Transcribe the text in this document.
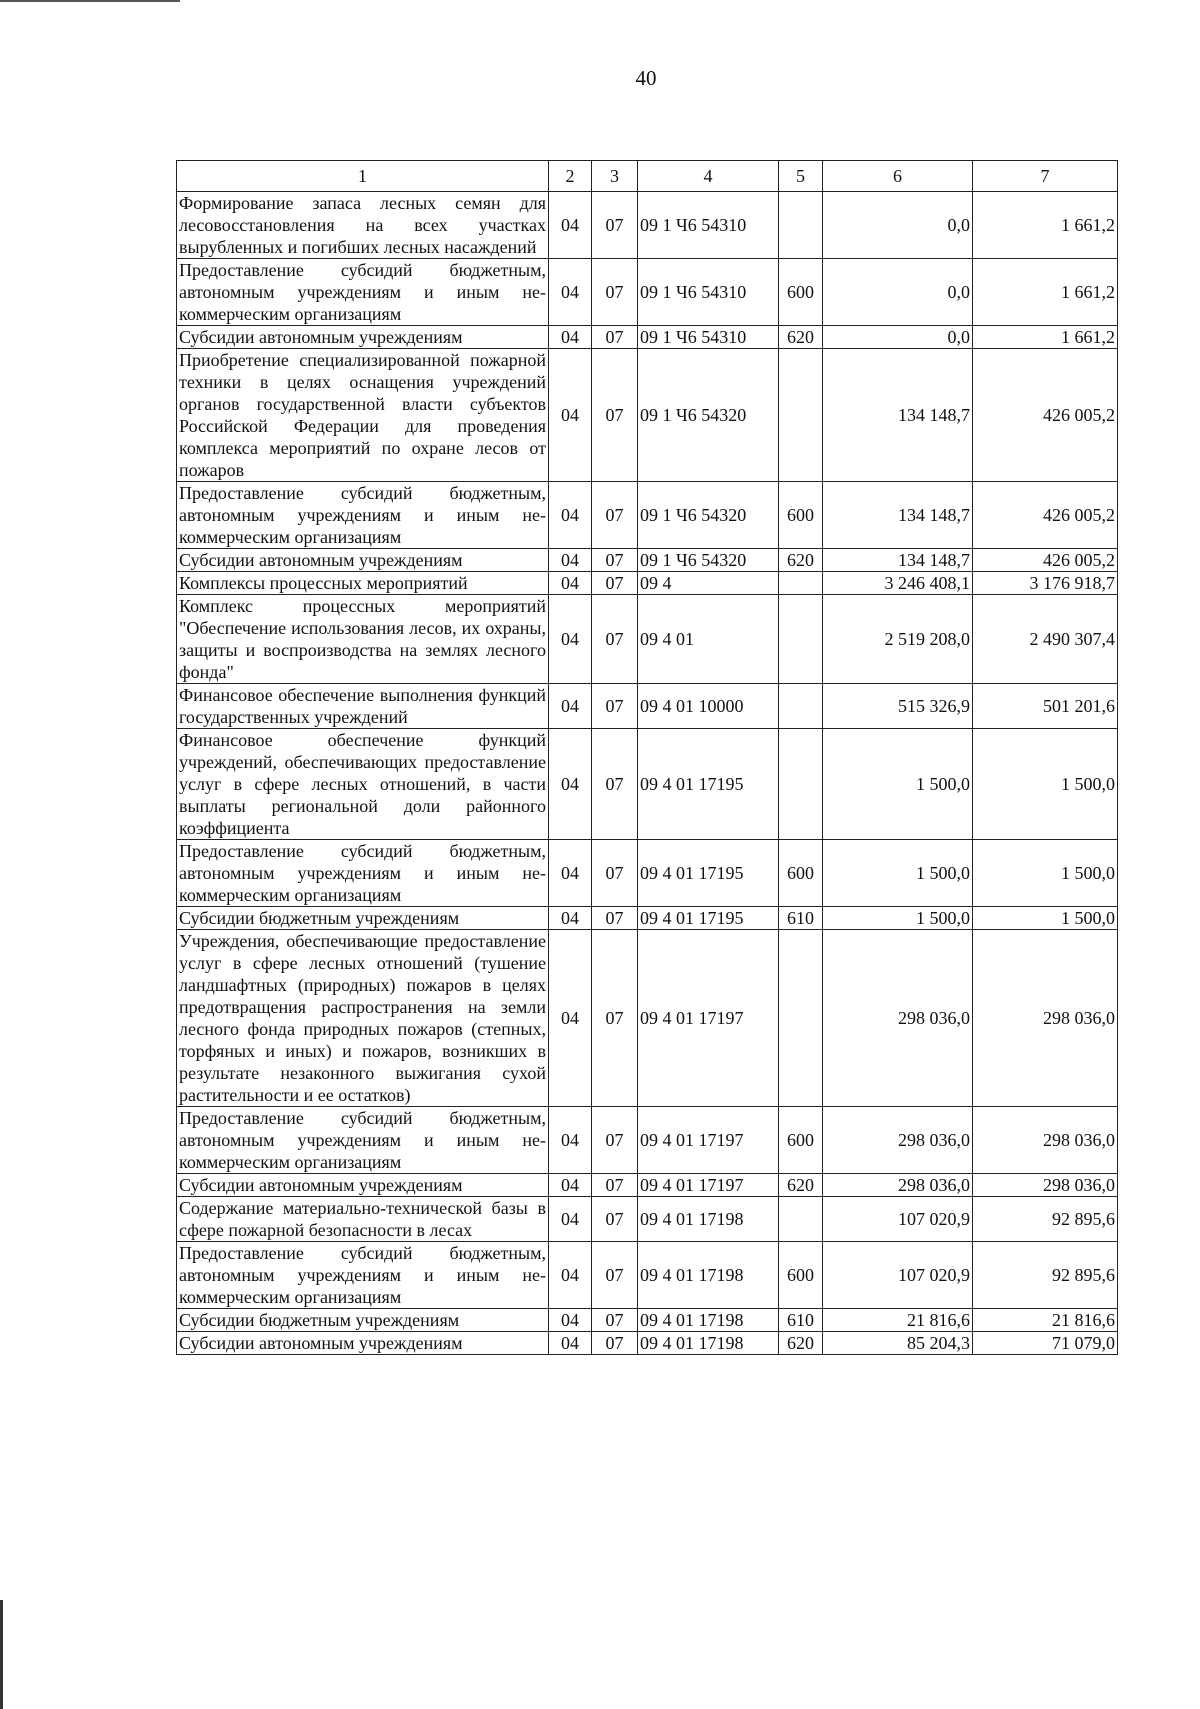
40
1	2	3	4	5	6	7
Формирование запаса лесных семян для лесовосстановления на всех участках вырубленных и погибших лесных насаждений	04	07	09 1 Ч6 54310		0,0	1 661,2
Предоставление субсидий бюджетным, автономным учреждениям и иным некоммерческим организациям	04	07	09 1 Ч6 54310	600	0,0	1 661,2
Субсидии автономным учреждениям	04	07	09 1 Ч6 54310	620	0,0	1 661,2
Приобретение специализированной пожарной техники в целях оснащения учреждений органов государственной власти субъектов Российской Федерации для проведения комплекса мероприятий по охране лесов от пожаров	04	07	09 1 Ч6 54320		134 148,7	426 005,2
Предоставление субсидий бюджетным, автономным учреждениям и иным некоммерческим организациям	04	07	09 1 Ч6 54320	600	134 148,7	426 005,2
Субсидии автономным учреждениям	04	07	09 1 Ч6 54320	620	134 148,7	426 005,2
Комплексы процессных мероприятий	04	07	09 4		3 246 408,1	3 176 918,7
Комплекс процессных мероприятий "Обеспечение использования лесов, их охраны, защиты и воспроизводства на землях лесного фонда"	04	07	09 4 01		2 519 208,0	2 490 307,4
Финансовое обеспечение выполнения функций государственных учреждений	04	07	09 4 01 10000		515 326,9	501 201,6
Финансовое обеспечение функций учреждений, обеспечивающих предоставление услуг в сфере лесных отношений, в части выплаты региональной доли районного коэффициента	04	07	09 4 01 17195		1 500,0	1 500,0
Предоставление субсидий бюджетным, автономным учреждениям и иным некоммерческим организациям	04	07	09 4 01 17195	600	1 500,0	1 500,0
Субсидии бюджетным учреждениям	04	07	09 4 01 17195	610	1 500,0	1 500,0
Учреждения, обеспечивающие предоставление услуг в сфере лесных отношений (тушение ландшафтных (природных) пожаров в целях предотвращения распространения на земли лесного фонда природных пожаров (степных, торфяных и иных) и пожаров, возникших в результате незаконного выжигания сухой растительности и ее остатков)	04	07	09 4 01 17197		298 036,0	298 036,0
Предоставление субсидий бюджетным, автономным учреждениям и иным некоммерческим организациям	04	07	09 4 01 17197	600	298 036,0	298 036,0
Субсидии автономным учреждениям	04	07	09 4 01 17197	620	298 036,0	298 036,0
Содержание материально-технической базы в сфере пожарной безопасности в лесах	04	07	09 4 01 17198		107 020,9	92 895,6
Предоставление субсидий бюджетным, автономным учреждениям и иным некоммерческим организациям	04	07	09 4 01 17198	600	107 020,9	92 895,6
Субсидии бюджетным учреждениям	04	07	09 4 01 17198	610	21 816,6	21 816,6
Субсидии автономным учреждениям	04	07	09 4 01 17198	620	85 204,3	71 079,0
